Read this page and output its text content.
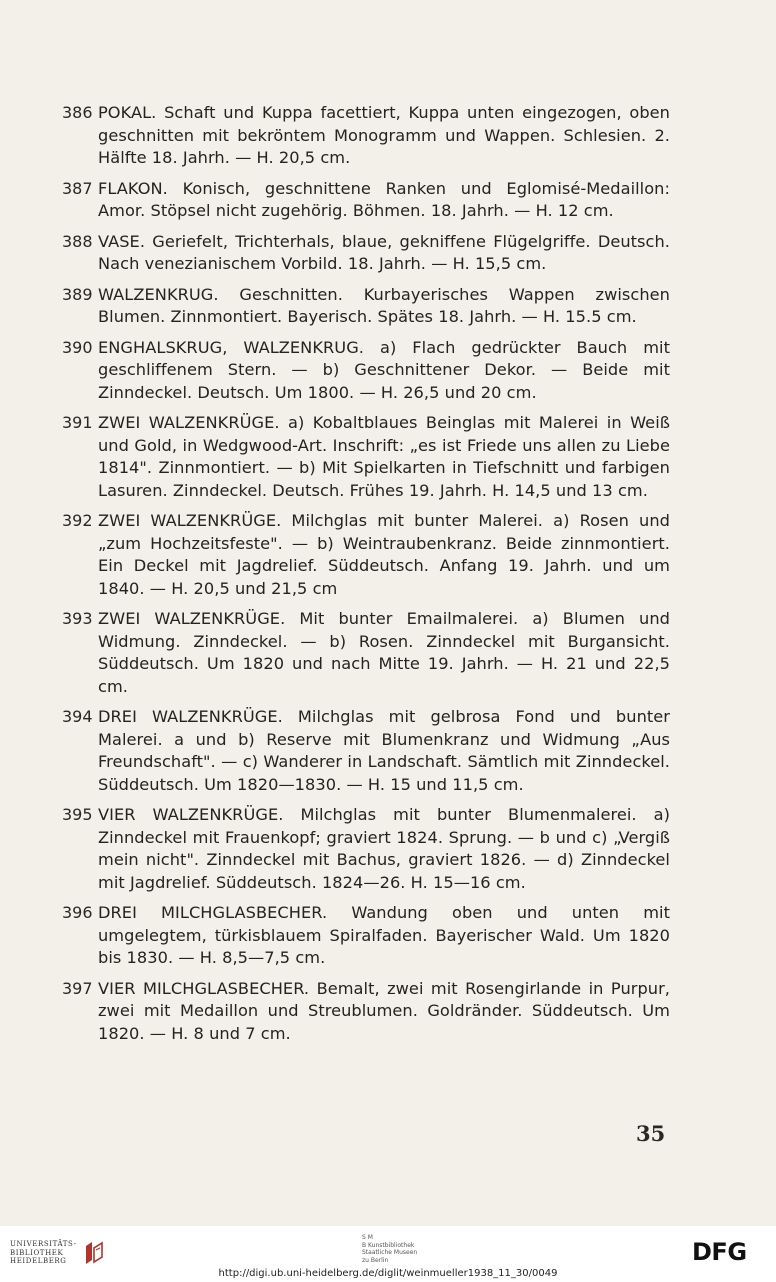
386 POKAL. Schaft und Kuppa facettiert, Kuppa unten eingezogen, oben geschnitten mit bekröntem Monogramm und Wappen. Schlesien. 2. Hälfte 18. Jahrh. — H. 20,5 cm.
387 FLAKON. Konisch, geschnittene Ranken und Eglomisé-Medaillon: Amor. Stöpsel nicht zugehörig. Böhmen. 18. Jahrh. — H. 12 cm.
388 VASE. Geriefelt, Trichterhals, blaue, gekniffene Flügelgriffe. Deutsch. Nach venezianischem Vorbild. 18. Jahrh. — H. 15,5 cm.
389 WALZENKRUG. Geschnitten. Kurbayerisches Wappen zwischen Blumen. Zinnmontiert. Bayerisch. Spätes 18. Jahrh. — H. 15.5 cm.
390 ENGHALSKRUG, WALZENKRUG. a) Flach gedrückter Bauch mit geschliffenem Stern. — b) Geschnittener Dekor. — Beide mit Zinndeckel. Deutsch. Um 1800. — H. 26,5 und 20 cm.
391 ZWEI WALZENKRÜGE. a) Kobaltblaues Beinglas mit Malerei in Weiß und Gold, in Wedgwood-Art. Inschrift: „es ist Friede uns allen zu Liebe 1814". Zinnmontiert. — b) Mit Spielkarten in Tiefschnitt und farbigen Lasuren. Zinndeckel. Deutsch. Frühes 19. Jahrh. H. 14,5 und 13 cm.
392 ZWEI WALZENKRÜGE. Milchglas mit bunter Malerei. a) Rosen und „zum Hochzeitsfeste". — b) Weintraubenkranz. Beide zinnmontiert. Ein Deckel mit Jagdrelief. Süddeutsch. Anfang 19. Jahrh. und um 1840. — H. 20,5 und 21,5 cm
393 ZWEI WALZENKRÜGE. Mit bunter Emailmalerei. a) Blumen und Widmung. Zinndeckel. — b) Rosen. Zinndeckel mit Burgansicht. Süddeutsch. Um 1820 und nach Mitte 19. Jahrh. — H. 21 und 22,5 cm.
394 DREI WALZENKRÜGE. Milchglas mit gelbrosa Fond und bunter Malerei. a und b) Reserve mit Blumenkranz und Widmung „Aus Freundschaft". — c) Wanderer in Landschaft. Sämtlich mit Zinndeckel. Süddeutsch. Um 1820—1830. — H. 15 und 11,5 cm.
395 VIER WALZENKRÜGE. Milchglas mit bunter Blumenmalerei. a) Zinndeckel mit Frauenkopf; graviert 1824. Sprung. — b und c) „Vergiß mein nicht". Zinndeckel mit Bachus, graviert 1826. — d) Zinndeckel mit Jagdrelief. Süddeutsch. 1824—26. H. 15—16 cm.
396 DREI MILCHGLASBECHER. Wandung oben und unten mit umgelegtem, türkisblauem Spiralfaden. Bayerischer Wald. Um 1820 bis 1830. — H. 8,5—7,5 cm.
397 VIER MILCHGLASBECHER. Bemalt, zwei mit Rosengirlande in Purpur, zwei mit Medaillon und Streublumen. Goldränder. Süddeutsch. Um 1820. — H. 8 und 7 cm.
35
UNIVERSITÄTS-
BIBLIOTHEK
HEIDELBERG
S M
B Kunstbibliothek
Staatliche Museen
zu Berlin	DFG
http://digi.ub.uni-heidelberg.de/diglit/weinmueller1938_11_30/0049
